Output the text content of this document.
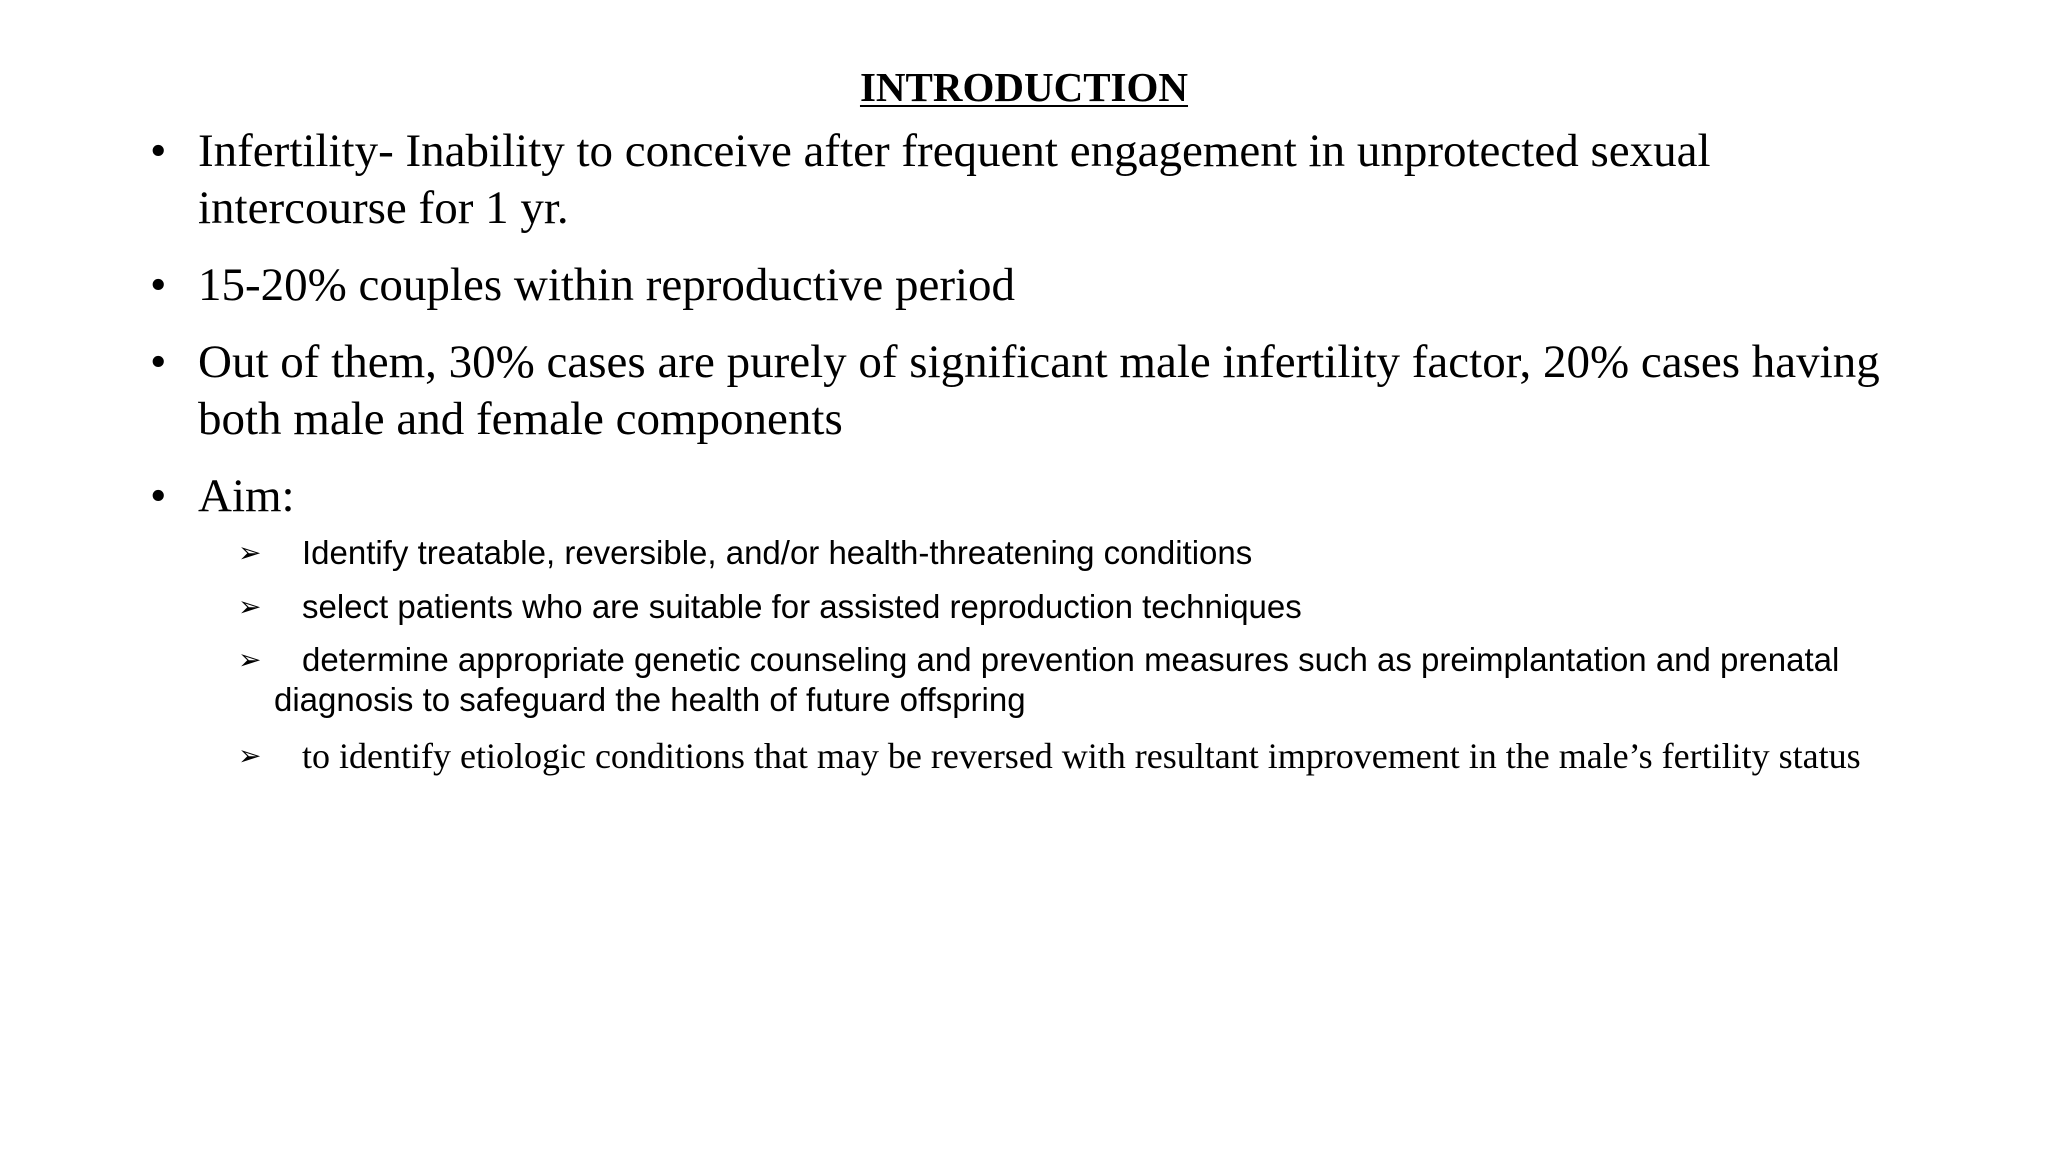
INTRODUCTION
• Infertility- Inability to conceive after frequent engagement in unprotected sexual intercourse for 1 yr.
• 15-20% couples within reproductive period
• Out of them, 30% cases are purely of significant male infertility factor, 20% cases having both male and female components
• Aim:
➢	Identify treatable, reversible, and/or health-threatening conditions
➢	select patients who are suitable for assisted reproduction techniques
➢	determine appropriate genetic counseling and prevention measures such as preimplantation and prenatal diagnosis to safeguard the health of future offspring
➢	to identify etiologic conditions that may be reversed with resultant improvement in the male’s fertility status
